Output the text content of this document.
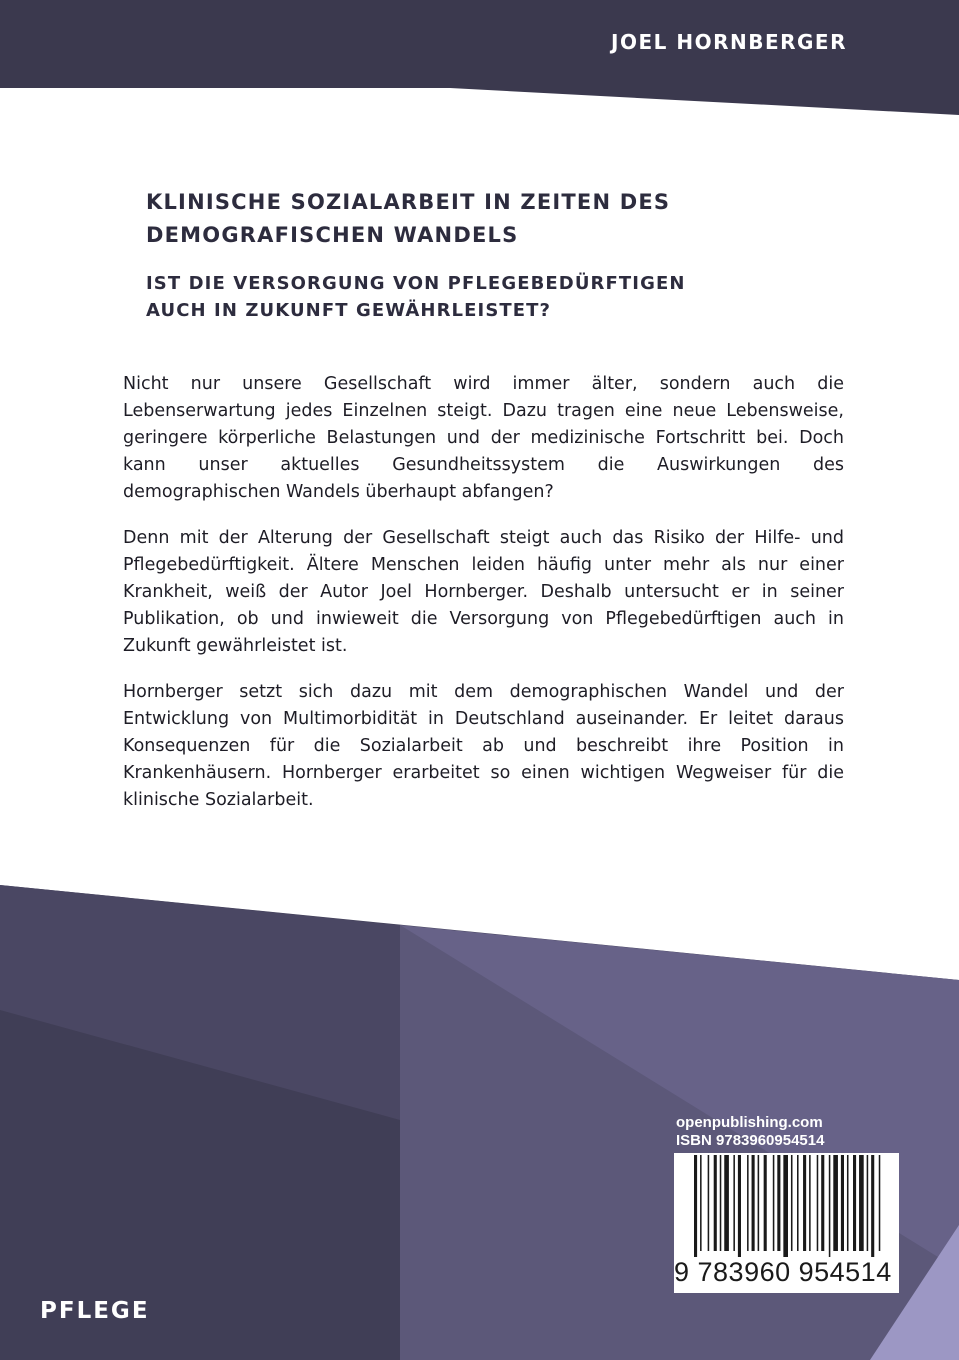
JOEL HORNBERGER
KLINISCHE SOZIALARBEIT IN ZEITEN DES DEMOGRAFISCHEN WANDELS
IST DIE VERSORGUNG VON PFLEGEBEDÜRFTIGEN AUCH IN ZUKUNFT GEWÄHRLEISTET?

Nicht nur unsere Gesellschaft wird immer älter, sondern auch die Lebenserwartung jedes Einzelnen steigt. Dazu tragen eine neue Lebensweise, geringere körperliche Belastungen und der medizinische Fortschritt bei. Doch kann unser aktuelles Gesundheitssystem die Auswirkungen des demographischen Wandels überhaupt abfangen?

Denn mit der Alterung der Gesellschaft steigt auch das Risiko der Hilfe- und Pflegebedürftigkeit. Ältere Menschen leiden häufig unter mehr als nur einer Krankheit, weiß der Autor Joel Hornberger. Deshalb untersucht er in seiner Publikation, ob und inwieweit die Versorgung von Pflegebedürftigen auch in Zukunft gewährleistet ist.

Hornberger setzt sich dazu mit dem demographischen Wandel und der Entwicklung von Multimorbidität in Deutschland auseinander. Er leitet daraus Konsequenzen für die Sozialarbeit ab und beschreibt ihre Position in Krankenhäusern. Hornberger erarbeitet so einen wichtigen Wegweiser für die klinische Sozialarbeit.

openpublishing.com
ISBN 9783960954514
9 783960 954514
PFLEGE
